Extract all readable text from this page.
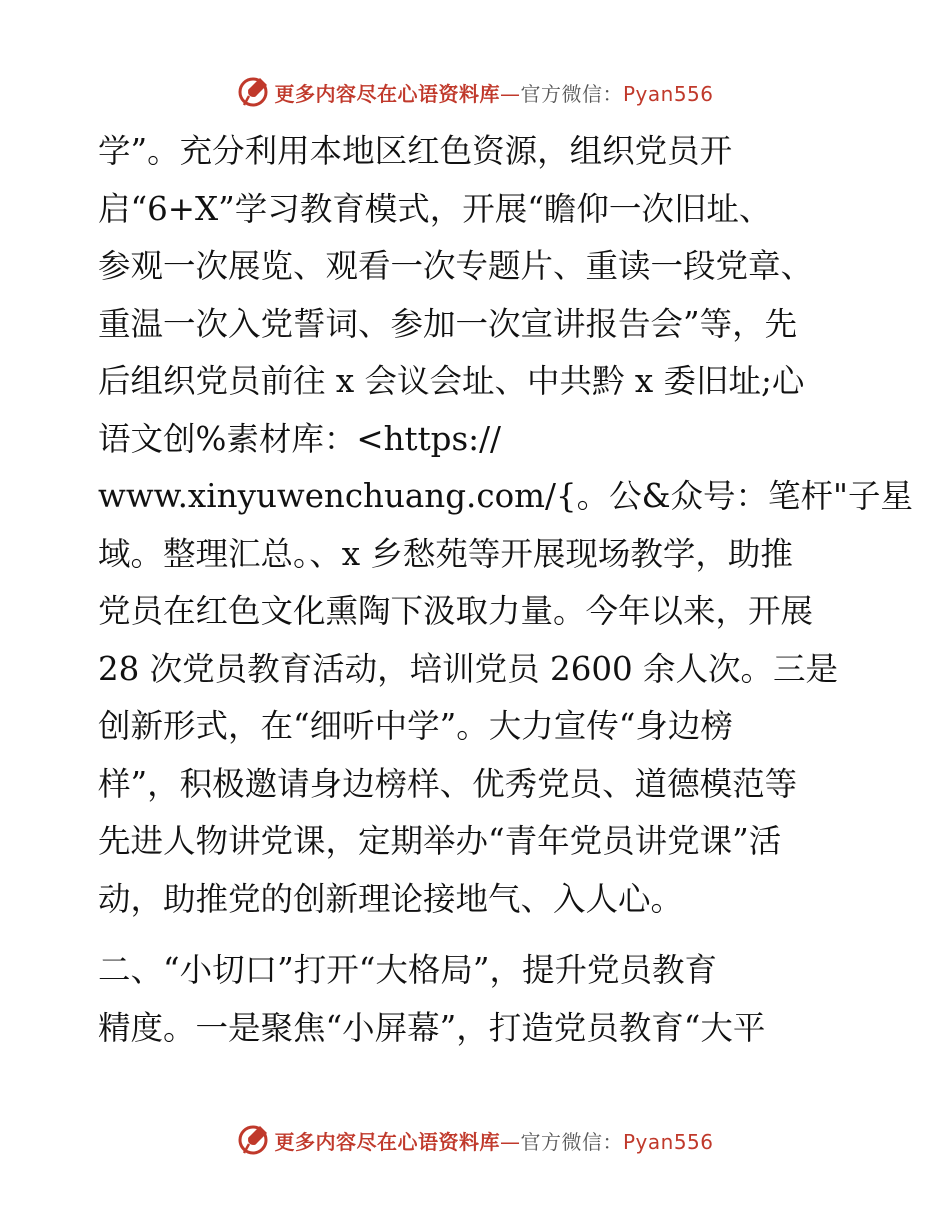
更多内容尽在心语资料库—官方微信：Pyan556
学”。充分利用本地区红色资源，组织党员开
启“6+X”学习教育模式，开展“瞻仰一次旧址、
参观一次展览、观看一次专题片、重读一段党章、
重温一次入党誓词、参加一次宣讲报告会”等，先
后组织党员前往 x 会议会址、中共黔 x 委旧址;心
语文创%素材库：<https://
www.xinyuwenchuang.com/{。公&众号：笔杆"子星
域。整理汇总。、x 乡愁苑等开展现场教学，助推
党员在红色文化熏陶下汲取力量。今年以来，开展
28 次党员教育活动，培训党员 2600 余人次。三是
创新形式，在“细听中学”。大力宣传“身边榜
样”，积极邀请身边榜样、优秀党员、道德模范等
先进人物讲党课，定期举办“青年党员讲党课”活
动，助推党的创新理论接地气、入人心。
二、“小切口”打开“大格局”，提升党员教育
精度。一是聚焦“小屏幕”，打造党员教育“大平
更多内容尽在心语资料库—官方微信：Pyan556
